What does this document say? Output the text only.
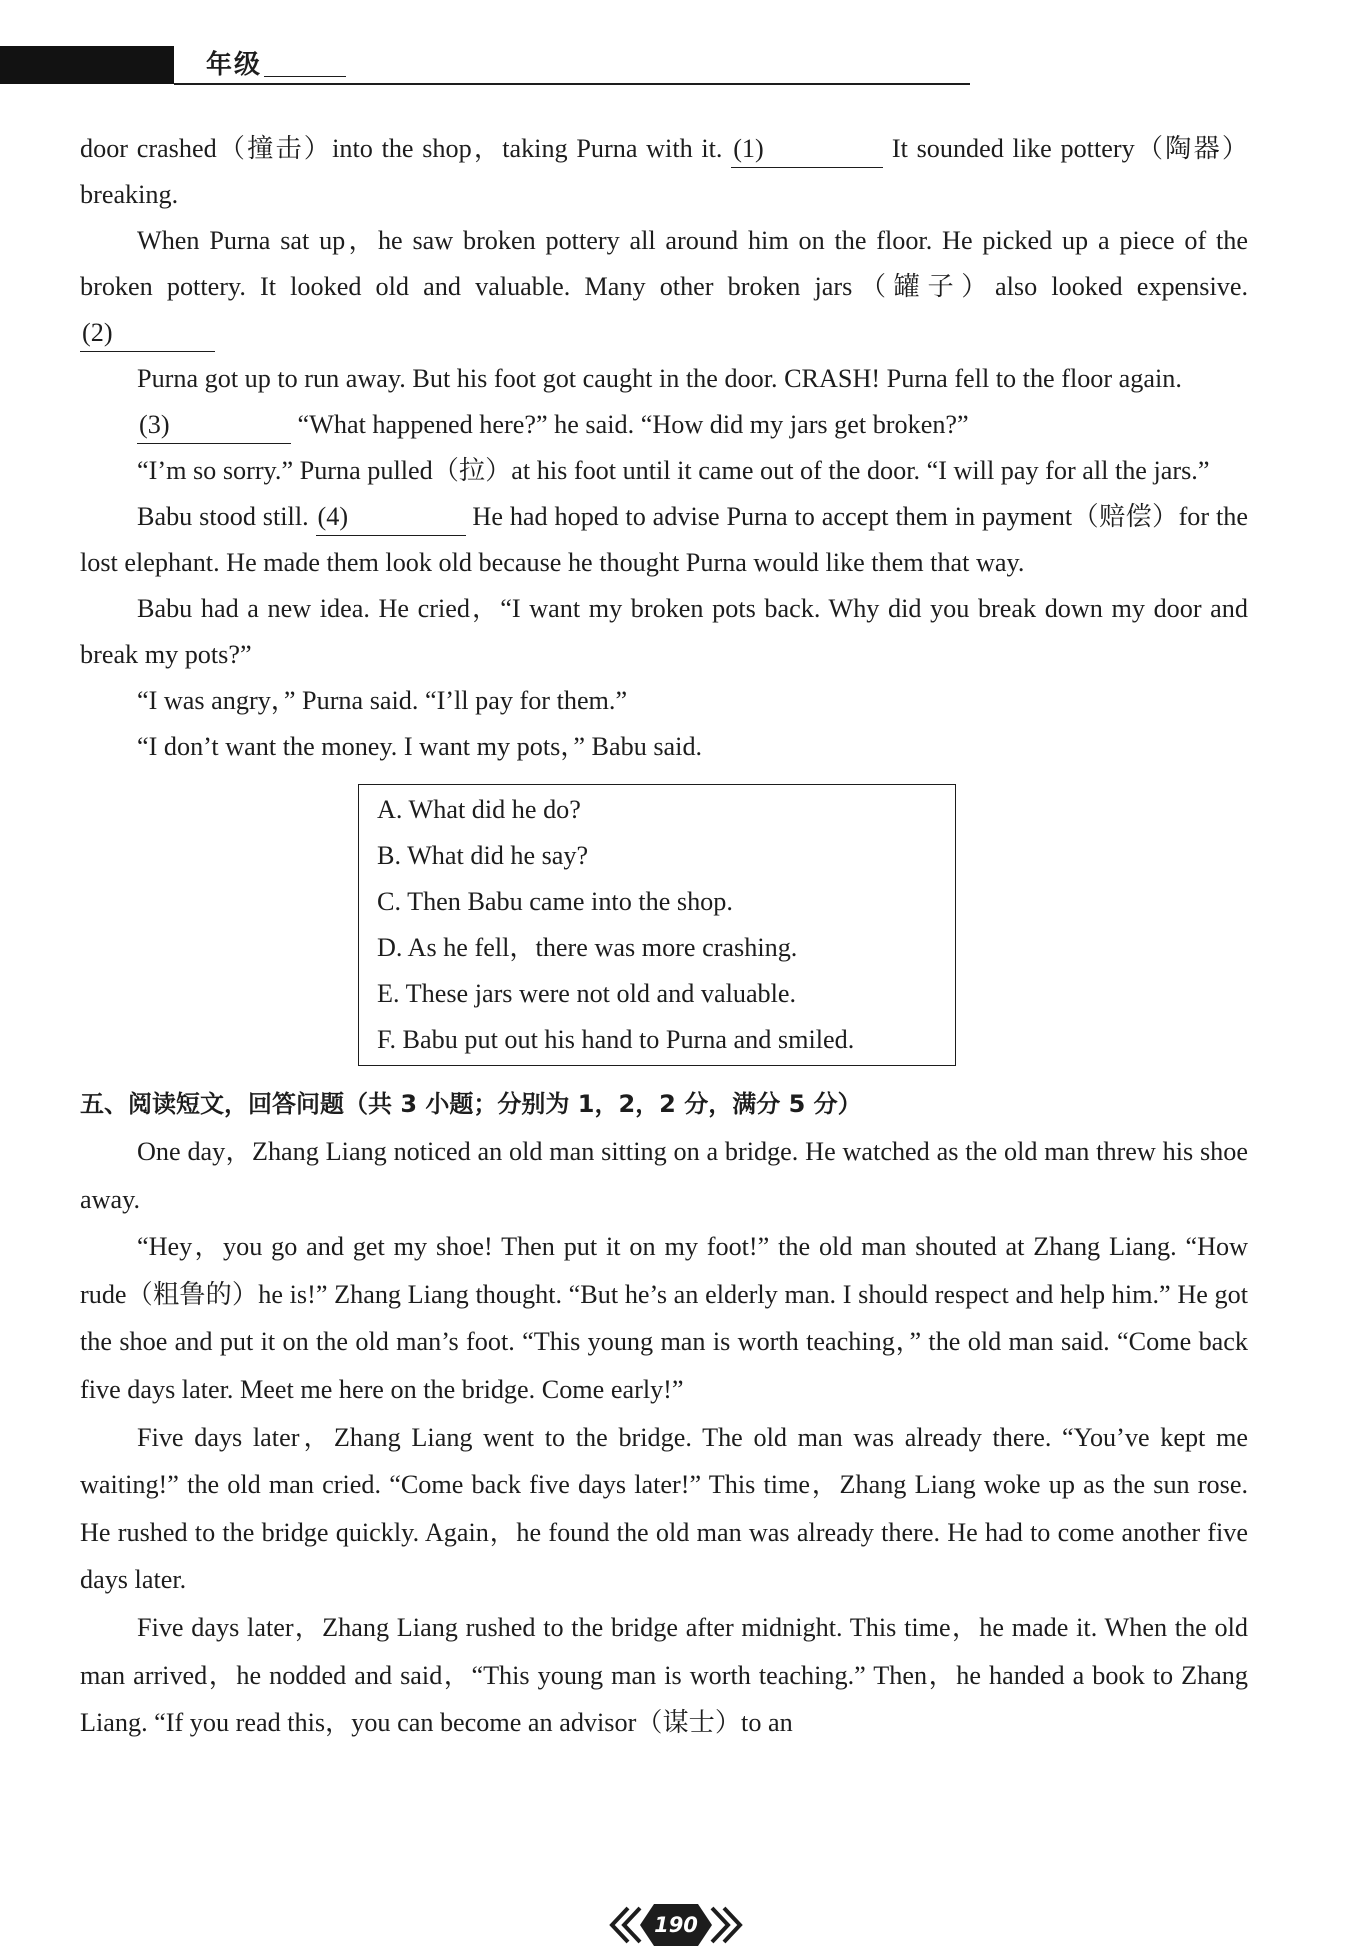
年级

door crashed（撞击）into the shop，taking Purna with it. (1)	It sounded like pottery（陶器）breaking.

When Purna sat up，he saw broken pottery all around him on the floor. He picked up a piece of the broken pottery. It looked old and valuable. Many other broken jars（罐子）also looked expensive. (2)

Purna got up to run away. But his foot got caught in the door. CRASH! Purna fell to the floor again.

(3)	“What happened here?” he said. “How did my jars get broken?”

“I’m so sorry.” Purna pulled（拉）at his foot until it came out of the door. “I will pay for all the jars.”

Babu stood still. (4)	He had hoped to advise Purna to accept them in payment（赔偿）for the lost elephant. He made them look old because he thought Purna would like them that way.

Babu had a new idea. He cried，“I want my broken pots back. Why did you break down my door and break my pots?”

“I was angry，” Purna said. “I’ll pay for them.”

“I don’t want the money. I want my pots，” Babu said.

A. What did he do?

B. What did he say?

C. Then Babu came into the shop.

D. As he fell，there was more crashing.

E. These jars were not old and valuable.

F. Babu put out his hand to Purna and smiled.

五、阅读短文，回答问题（共 3 小题；分别为 1，2，2 分，满分 5 分）

One day，Zhang Liang noticed an old man sitting on a bridge. He watched as the old man threw his shoe away.

“Hey，you go and get my shoe! Then put it on my foot!” the old man shouted at Zhang Liang. “How rude（粗鲁的）he is!” Zhang Liang thought. “But he’s an elderly man. I should respect and help him.” He got the shoe and put it on the old man’s foot. “This young man is worth teaching，” the old man said. “Come back five days later. Meet me here on the bridge. Come early!”

Five days later，Zhang Liang went to the bridge. The old man was already there. “You’ve kept me waiting!” the old man cried. “Come back five days later!” This time，Zhang Liang woke up as the sun rose. He rushed to the bridge quickly. Again，he found the old man was already there. He had to come another five days later.

Five days later，Zhang Liang rushed to the bridge after midnight. This time，he made it. When the old man arrived，he nodded and said，“This young man is worth teaching.” Then，he handed a book to Zhang Liang. “If you read this，you can become an advisor（谋士）to an

190
